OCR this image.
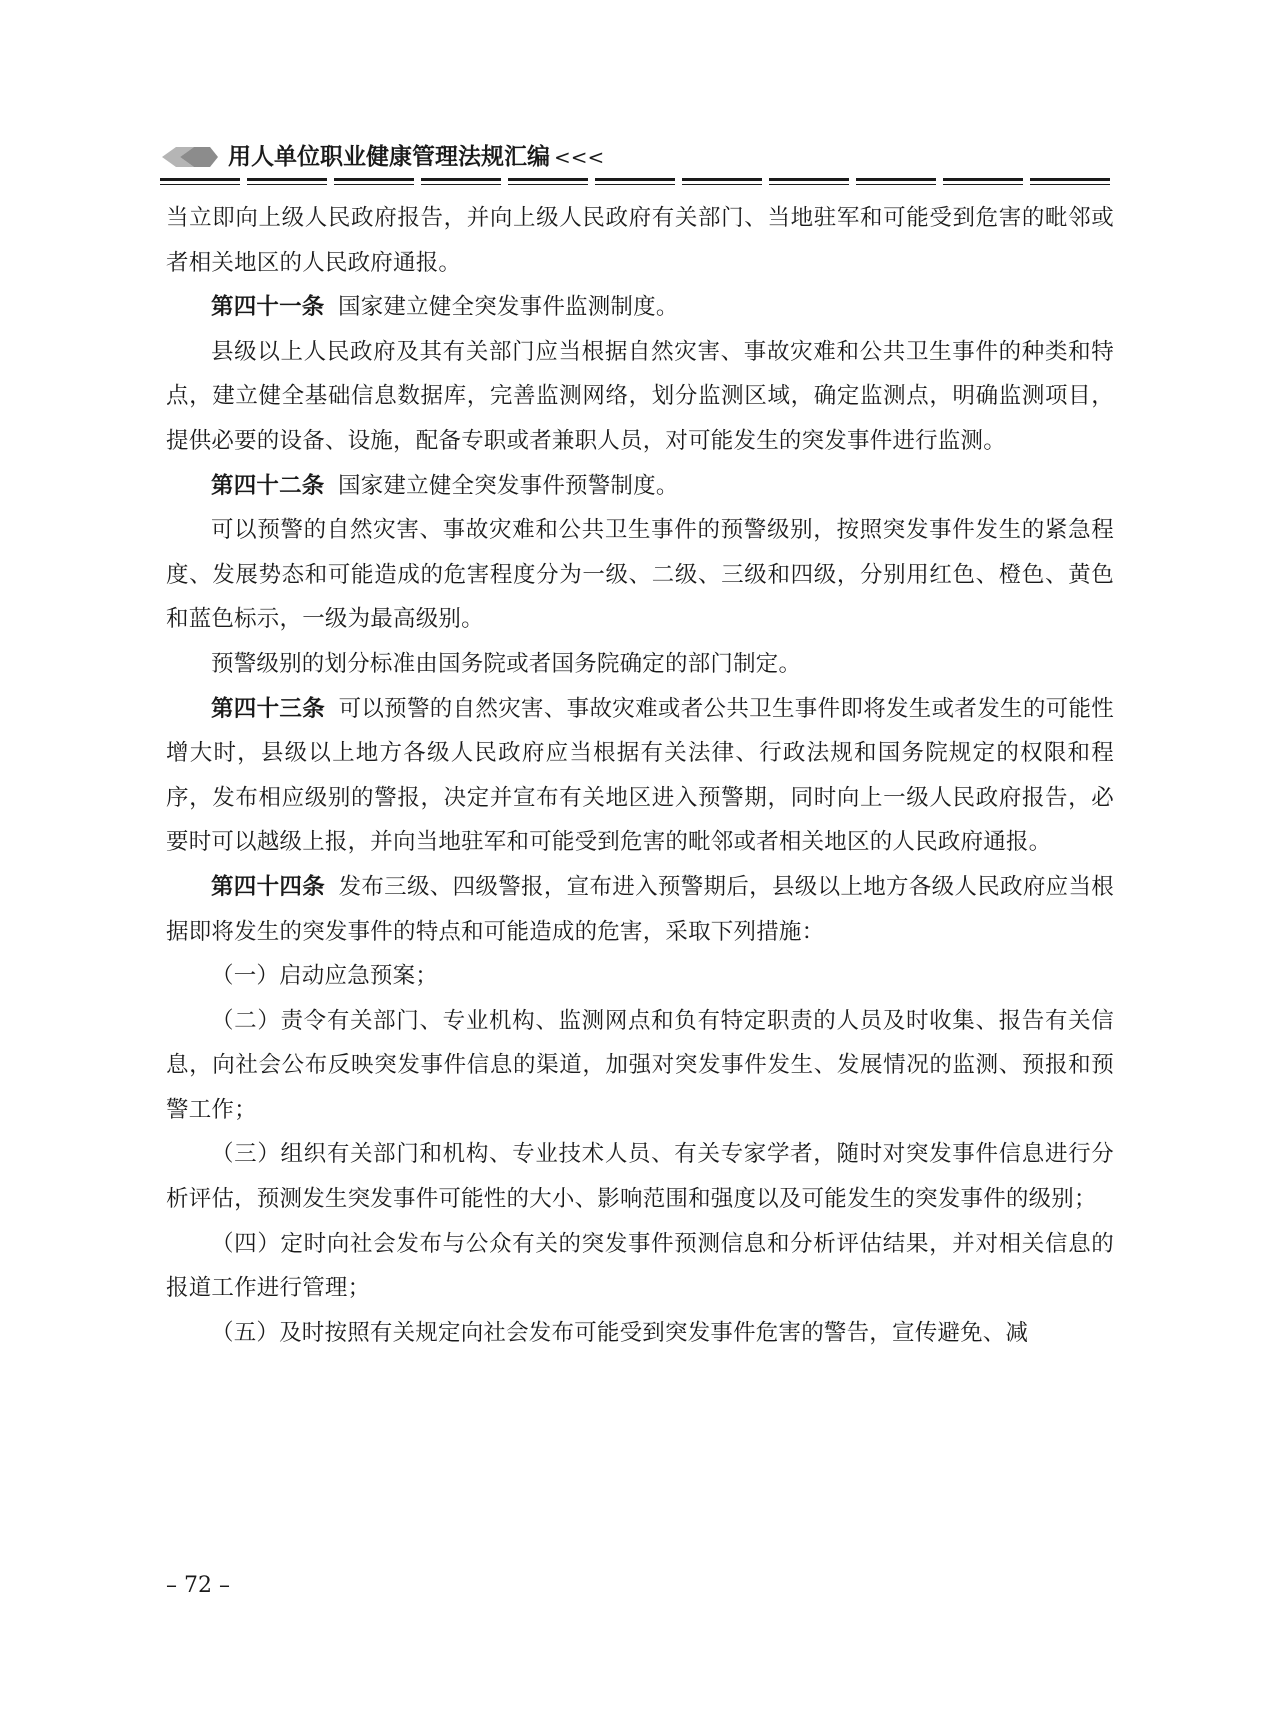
用人单位职业健康管理法规汇编 <<<

当立即向上级人民政府报告，并向上级人民政府有关部门、当地驻军和可能受到危害的毗邻或者相关地区的人民政府通报。

第四十一条 国家建立健全突发事件监测制度。

县级以上人民政府及其有关部门应当根据自然灾害、事故灾难和公共卫生事件的种类和特点，建立健全基础信息数据库，完善监测网络，划分监测区域，确定监测点，明确监测项目，提供必要的设备、设施，配备专职或者兼职人员，对可能发生的突发事件进行监测。

第四十二条 国家建立健全突发事件预警制度。

可以预警的自然灾害、事故灾难和公共卫生事件的预警级别，按照突发事件发生的紧急程度、发展势态和可能造成的危害程度分为一级、二级、三级和四级，分别用红色、橙色、黄色和蓝色标示，一级为最高级别。

预警级别的划分标准由国务院或者国务院确定的部门制定。

第四十三条 可以预警的自然灾害、事故灾难或者公共卫生事件即将发生或者发生的可能性增大时，县级以上地方各级人民政府应当根据有关法律、行政法规和国务院规定的权限和程序，发布相应级别的警报，决定并宣布有关地区进入预警期，同时向上一级人民政府报告，必要时可以越级上报，并向当地驻军和可能受到危害的毗邻或者相关地区的人民政府通报。

第四十四条 发布三级、四级警报，宣布进入预警期后，县级以上地方各级人民政府应当根据即将发生的突发事件的特点和可能造成的危害，采取下列措施：

（一）启动应急预案；

（二）责令有关部门、专业机构、监测网点和负有特定职责的人员及时收集、报告有关信息，向社会公布反映突发事件信息的渠道，加强对突发事件发生、发展情况的监测、预报和预警工作；

（三）组织有关部门和机构、专业技术人员、有关专家学者，随时对突发事件信息进行分析评估，预测发生突发事件可能性的大小、影响范围和强度以及可能发生的突发事件的级别；

（四）定时向社会发布与公众有关的突发事件预测信息和分析评估结果，并对相关信息的报道工作进行管理；

（五）及时按照有关规定向社会发布可能受到突发事件危害的警告，宣传避免、减

– 72 –
